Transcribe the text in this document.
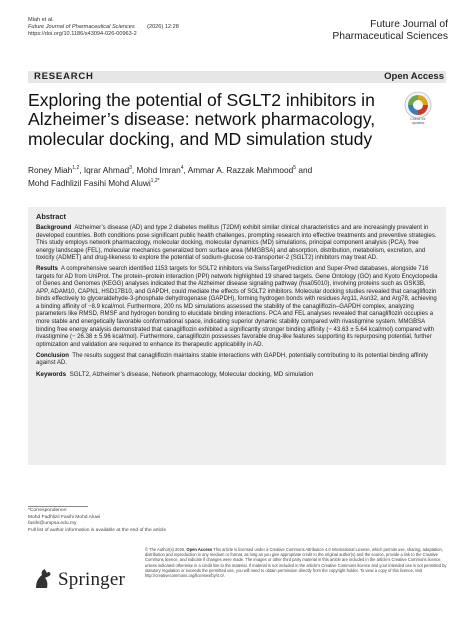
Miah et al.
Future Journal of Pharmaceutical Sciences (2026) 12:28
https://doi.org/10.1186/s43094-026-00963-2
Future Journal of
Pharmaceutical Sciences
RESEARCH	Open Access
Exploring the potential of SGLT2 inhibitors in Alzheimer’s disease: network pharmacology, molecular docking, and MD simulation study
Check for
updates
Roney Miah$^{1,2}$, Iqrar Ahmad$^3$, Mohd Imran$^4$, Ammar A. Razzak Mahmood$^5$ and
Mohd Fadhlizil Fasihi Mohd Aluwi$^{1,2*}$
Abstract

Background Alzheimer’s disease (AD) and type 2 diabetes mellitus (T2DM) exhibit similar clinical characteristics and are increasingly prevalent in developed countries. Both conditions pose significant public health challenges, prompting research into effective treatments and preventive strategies. This study employs network pharmacology, molecular docking, molecular dynamics (MD) simulations, principal component analysis (PCA), free energy landscape (FEL), molecular mechanics generalized born surface area (MMGBSA) and absorption, distribution, metabolism, excretion, and toxicity (ADMET) and drug-likeness to explore the potential of sodium-glucose co-transporter-2 (SGLT2) inhibitors may treat AD.

Results A comprehensive search identified 1153 targets for SGLT2 inhibitors via SwissTargetPrediction and Super-Pred databases, alongside 716 targets for AD from UniProt. The protein–protein interaction (PPI) network highlighted 19 shared targets. Gene Ontology (GO) and Kyoto Encyclopedia of Genes and Genomes (KEGG) analyses indicated that the Alzheimer disease signaling pathway (hsa05010), involving proteins such as GSK3B, APP, ADAM10, CAPN1, HSD17B10, and GAPDH, could mediate the effects of SGLT2 inhibitors. Molecular docking studies revealed that canagliflozin binds effectively to glyceraldehyde-3-phosphate dehydrogenase (GAPDH), forming hydrogen bonds with residues Arg11, Asn32, and Arg78, achieving a binding affinity of −8.9 kcal/mol. Furthermore, 200 ns MD simulations assessed the stability of the canagliflozin–GAPDH complex, analyzing parameters like RMSD, RMSF and hydrogen bonding to elucidate binding interactions. PCA and FEL analyses revealed that canagliflozin occupies a more stable and energetically favorable conformational space, indicating superior dynamic stability compared with rivastigmine system. MMGBSA binding free energy analysis demonstrated that canagliflozin exhibited a significantly stronger binding affinity (− 43.63 ± 5.64 kcal/mol) compared with rivastigmine (− 26.38 ± 5.96 kcal/mol). Furthermore, canagliflozin possesses favorable drug-like features supporting its repurposing potential, further optimization and validation are required to enhance its therapeutic applicability in AD.

Conclusion The results suggest that canagliflozin maintains stable interactions with GAPDH, potentially contributing to its potential binding affinity against AD.

Keywords SGLT2, Alzheimer’s disease, Network pharmacology, Molecular docking, MD simulation

*Correspondence:
Mohd Fadhlizil Fasihi Mohd Aluwi
fasihi@umpsa.edu.my
Full list of author information is available at the end of the article
Springer
© The Author(s) 2026. Open Access This article is licensed under a Creative Commons Attribution 4.0 International License, which permits use, sharing, adaptation, distribution and reproduction in any medium or format, as long as you give appropriate credit to the original author(s) and the source, provide a link to the Creative Commons licence, and indicate if changes were made. The images or other third party material in this article are included in the article’s Creative Commons licence, unless indicated otherwise in a credit line to the material. If material is not included in the article’s Creative Commons licence and your intended use is not permitted by statutory regulation or exceeds the permitted use, you will need to obtain permission directly from the copyright holder. To view a copy of this licence, visit http://creativecommons.org/licenses/by/4.0/.
